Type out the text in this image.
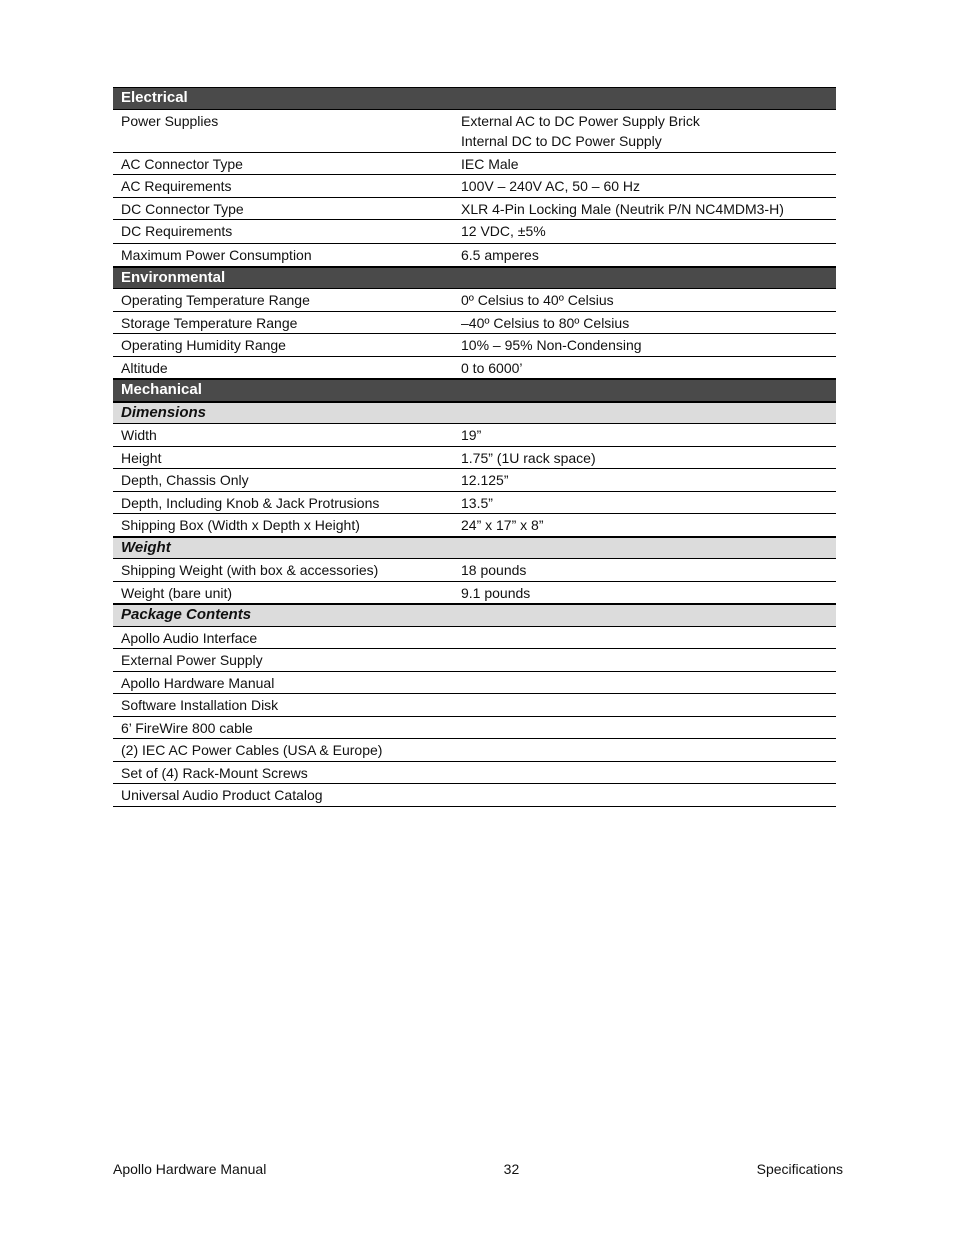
Electrical
Power Supplies	External AC to DC Power Supply Brick
Internal DC to DC Power Supply
AC Connector Type	IEC Male
AC Requirements	100V – 240V AC, 50 – 60 Hz
DC Connector Type	XLR 4-Pin Locking Male (Neutrik P/N NC4MDM3-H)
DC Requirements	12 VDC, ±5%
Maximum Power Consumption	6.5 amperes
Environmental
Operating Temperature Range	0º Celsius to 40º Celsius
Storage Temperature Range	–40º Celsius to 80º Celsius
Operating Humidity Range	10% – 95% Non-Condensing
Altitude	0 to 6000’
Mechanical
Dimensions
Width	19”
Height	1.75” (1U rack space)
Depth, Chassis Only	12.125”
Depth, Including Knob & Jack Protrusions	13.5”
Shipping Box (Width x Depth x Height)	24” x 17” x 8”
Weight
Shipping Weight (with box & accessories)	18 pounds
Weight (bare unit)	9.1 pounds
Package Contents
Apollo Audio Interface
External Power Supply
Apollo Hardware Manual
Software Installation Disk
6’ FireWire 800 cable
(2) IEC AC Power Cables (USA & Europe)
Set of (4) Rack-Mount Screws
Universal Audio Product Catalog
Apollo Hardware Manual	32	Specifications
